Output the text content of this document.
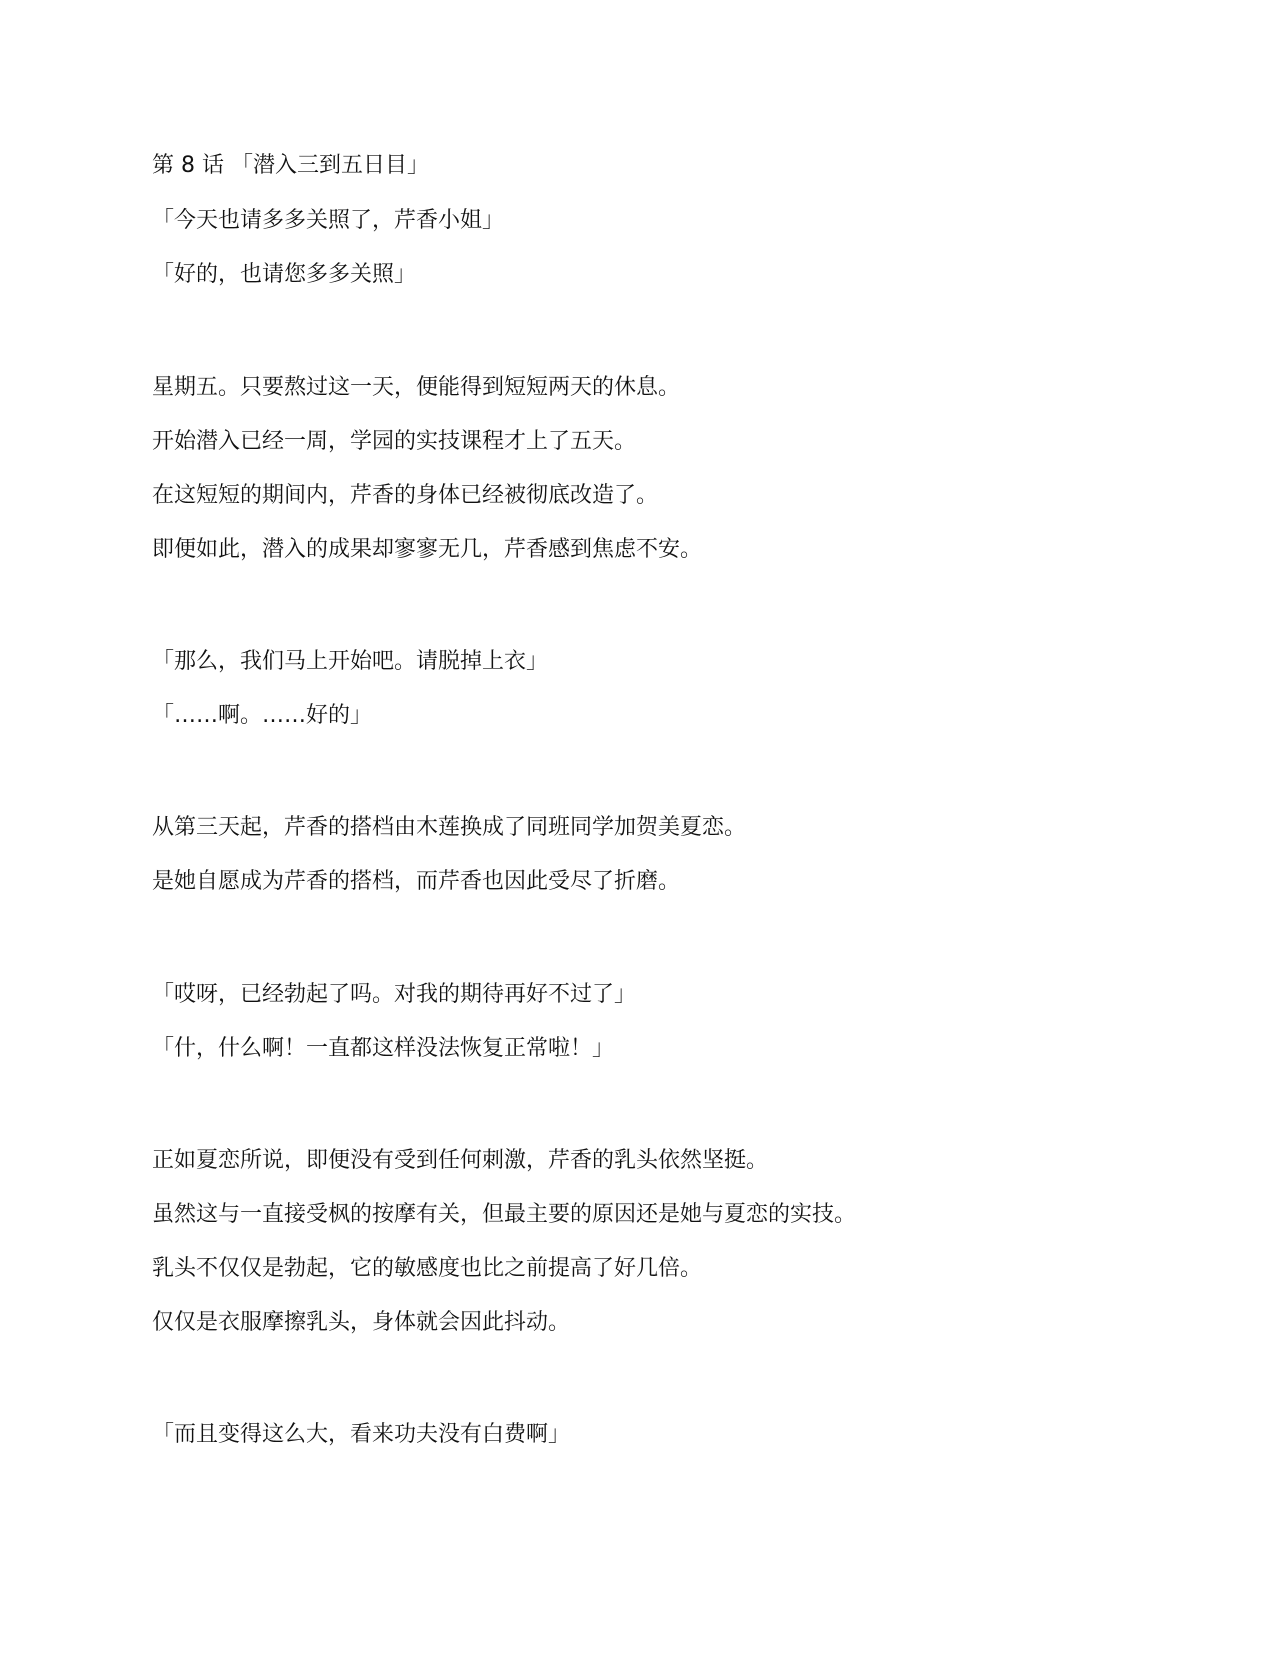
第 8 话 「潜入三到五日目」

「今天也请多多关照了，芹香小姐」

「好的，也请您多多关照」

星期五。只要熬过这一天，便能得到短短两天的休息。

开始潜入已经一周，学园的实技课程才上了五天。

在这短短的期间内，芹香的身体已经被彻底改造了。

即便如此，潜入的成果却寥寥无几，芹香感到焦虑不安。

「那么，我们马上开始吧。请脱掉上衣」

「……啊。……好的」

从第三天起，芹香的搭档由木莲换成了同班同学加贺美夏恋。

是她自愿成为芹香的搭档，而芹香也因此受尽了折磨。

「哎呀，已经勃起了吗。对我的期待再好不过了」

「什，什么啊！一直都这样没法恢复正常啦！」

正如夏恋所说，即便没有受到任何刺激，芹香的乳头依然坚挺。

虽然这与一直接受枫的按摩有关，但最主要的原因还是她与夏恋的实技。

乳头不仅仅是勃起，它的敏感度也比之前提高了好几倍。

仅仅是衣服摩擦乳头，身体就会因此抖动。

「而且变得这么大，看来功夫没有白费啊」
